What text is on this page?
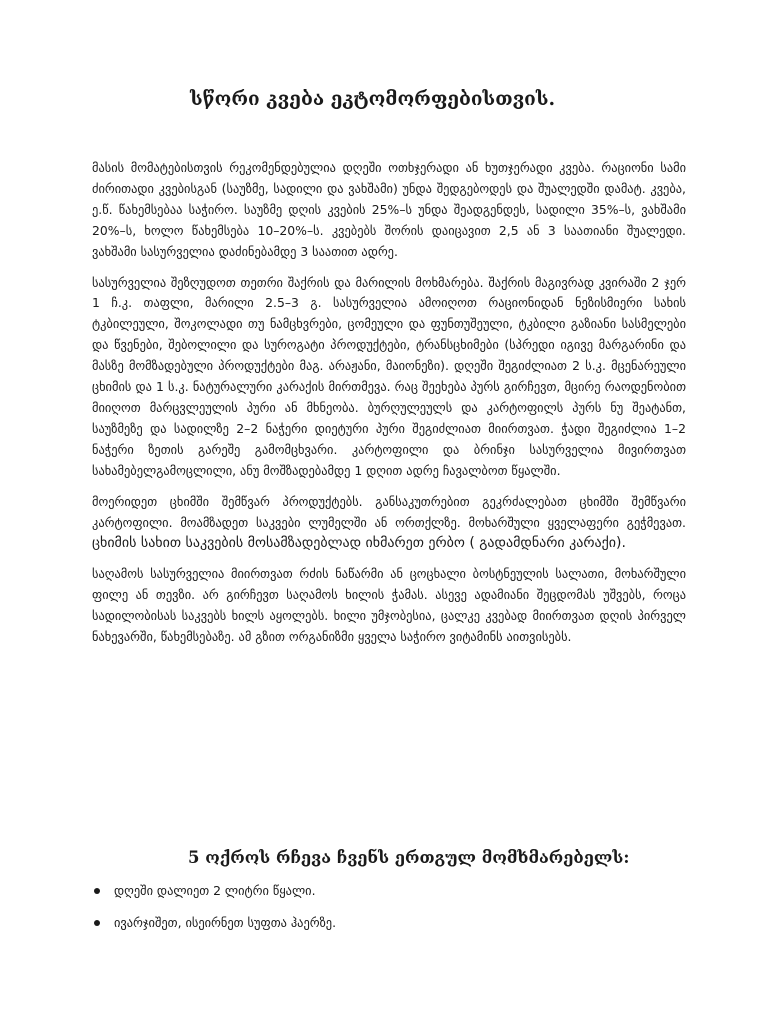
სწორი კვება ეკტომორფებისთვის.

მასის მომატებისთვის რეკომენდებულია დღეში ოთხჯერადი ან ხუთჯერადი კვება. რაციონი სამი ძირითადი კვებისგან (საუზმე, სადილი და ვახშამი) უნდა შედგებოდეს და შუალედში დამატ. კვება, ე.წ. წახემსებაა საჭირო. საუზმე დღის კვების 25%–ს უნდა შეადგენდეს, სადილი 35%–ს, ვახშამი 20%–ს, ხოლო წახემსება 10–20%–ს. კვებებს შორის დაიცავით 2,5 ან 3 საათიანი შუალედი. ვახშამი სასურველია დაძინებამდე 3 საათით ადრე.

სასურველია შეზღუდოთ თეთრი შაქრის და მარილის მოხმარება. შაქრის მაგივრად კვირაში 2 ჯერ 1 ჩ.კ. თაფლი, მარილი 2.5–3 გ. სასურველია ამოიღოთ რაციონიდან ნეზისმიერი სახის ტკბილეული, შოკოლადი თუ ნამცხვრები, ცომეული და ფუნთუშეული, ტკბილი გაზიანი სასმელები და წვენები, შებოლილი და სუროგატი პროდუქტები, ტრანსცხიმები (სპრედი იგივე მარგარინი და მასზე მომზადებული პროდუქტები მაგ. არაჟანი, მაიონეზი). დღეში შეგიძლიათ 2 ს.კ. მცენარეული ცხიმის და 1 ს.კ. ნატურალური კარაქის მირთმევა. რაც შეეხება პურს გირჩევთ, მცირე რაოდენობით მიიღოთ მარცვლეულის პური ან მხნეობა. ბურღულეულს და კარტოფილს პურს ნუ შეატანთ, საუზმეზე და სადილზე 2–2 ნაჭერი დიეტური პური შეგიძლიათ მიირთვათ. ჭადი შეგიძლია 1–2 ნაჭერი ზეთის გარეშე გამომცხვარი. კარტოფილი და ბრინჯი სასურველია მივირთვათ სახამებელგამოცლილი, ანუ მოშზადებამდე 1 დღით ადრე ჩავალბოთ წყალში.

მოერიდეთ ცხიმში შემწვარ პროდუქტებს. განსაკუთრებით გეკრძალებათ ცხიმში შემწვარი კარტოფილი. მოამზადეთ საკვები ლუმელში ან ორთქლზე. მოხარშული ყველაფერი გეჭმევათ. ცხიმის სახით საკვების მოსამზადებლად იხმარეთ ერბო ( გადამდნარი კარაქი).

საღამოს სასურველია მიირთვათ რძის ნაწარმი ან ცოცხალი ბოსტნეულის სალათი, მოხარშული ფილე ან თევზი. არ გირჩევთ საღამოს ხილის ჭამას. ასევე ადამიანი შეცდომას უშვებს, როცა სადილობისას საკვებს ხილს აყოლებს. ხილი უმჯობესია, ცალკე კვებად მიირთვათ დღის პირველ ნახევარში, წახემსებაზე. ამ გზით ორგანიზმი ყველა საჭირო ვიტამინს აითვისებს.

5 ოქროს რჩევა ჩვენს ერთგულ მომხმარებელს:
დღეში დალიეთ 2 ლიტრი წყალი.
ივარჯიშეთ, ისეირნეთ სუფთა ჰაერზე.
